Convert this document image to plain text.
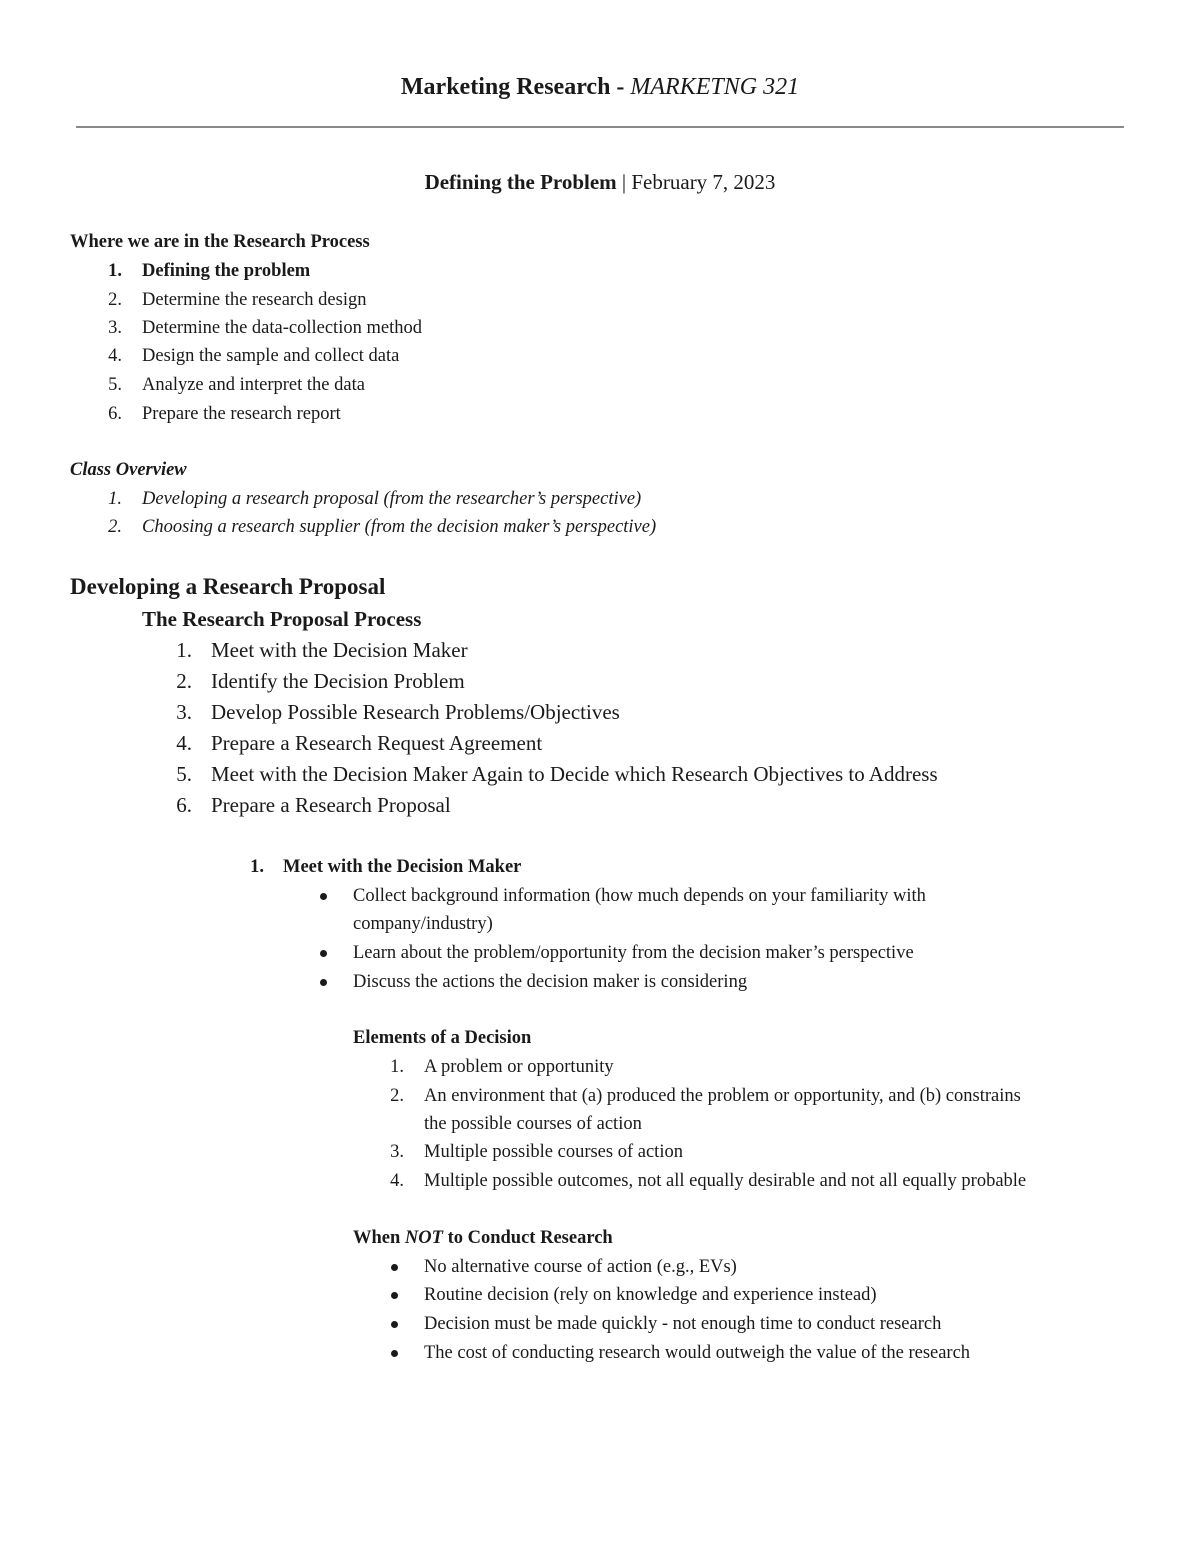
Marketing Research - MARKETNG 321
Defining the Problem | February 7, 2023
Where we are in the Research Process
1. Defining the problem
2. Determine the research design
3. Determine the data-collection method
4. Design the sample and collect data
5. Analyze and interpret the data
6. Prepare the research report
Class Overview
1. Developing a research proposal (from the researcher’s perspective)
2. Choosing a research supplier (from the decision maker’s perspective)
Developing a Research Proposal
The Research Proposal Process
1. Meet with the Decision Maker
2. Identify the Decision Problem
3. Develop Possible Research Problems/Objectives
4. Prepare a Research Request Agreement
5. Meet with the Decision Maker Again to Decide which Research Objectives to Address
6. Prepare a Research Proposal
1. Meet with the Decision Maker
Collect background information (how much depends on your familiarity with
company/industry)
Learn about the problem/opportunity from the decision maker’s perspective
Discuss the actions the decision maker is considering
Elements of a Decision
1. A problem or opportunity
2. An environment that (a) produced the problem or opportunity, and (b) constrains
the possible courses of action
3. Multiple possible courses of action
4. Multiple possible outcomes, not all equally desirable and not all equally probable
When NOT to Conduct Research
No alternative course of action (e.g., EVs)
Routine decision (rely on knowledge and experience instead)
Decision must be made quickly - not enough time to conduct research
The cost of conducting research would outweigh the value of the research
